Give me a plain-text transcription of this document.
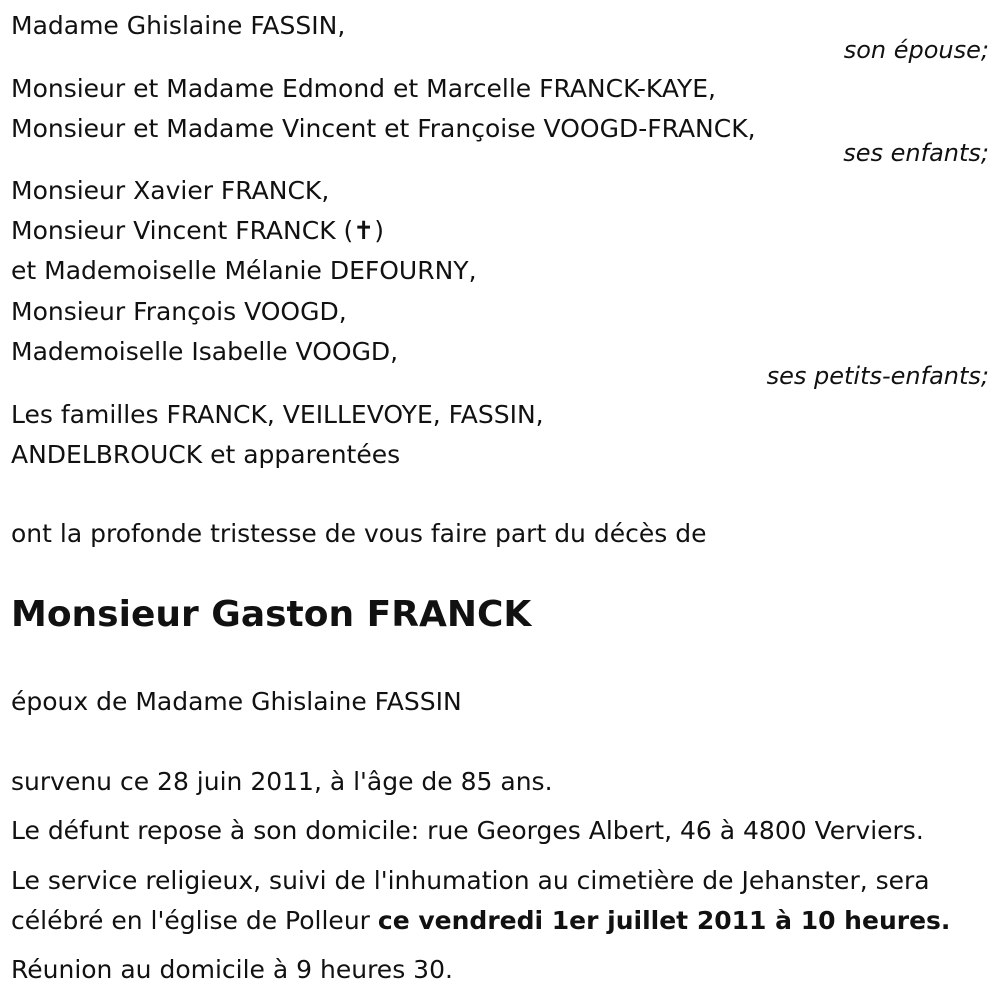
Madame Ghislaine FASSIN,
son épouse;
Monsieur et Madame Edmond et Marcelle FRANCK-KAYE,
Monsieur et Madame Vincent et Françoise VOOGD-FRANCK,
ses enfants;
Monsieur Xavier FRANCK,
Monsieur Vincent FRANCK (✝)
et Mademoiselle Mélanie DEFOURNY,
Monsieur François VOOGD,
Mademoiselle Isabelle VOOGD,
ses petits-enfants;
Les familles FRANCK, VEILLEVOYE, FASSIN,
ANDELBROUCK et apparentées
ont la profonde tristesse de vous faire part du décès de
Monsieur Gaston FRANCK
époux de Madame Ghislaine FASSIN
survenu ce 28 juin 2011, à l'âge de 85 ans.
Le défunt repose à son domicile: rue Georges Albert, 46 à 4800 Verviers.
Le service religieux, suivi de l'inhumation au cimetière de Jehanster, sera
célébré en l'église de Polleur ce vendredi 1er juillet 2011 à 10 heures.
Réunion au domicile à 9 heures 30.
